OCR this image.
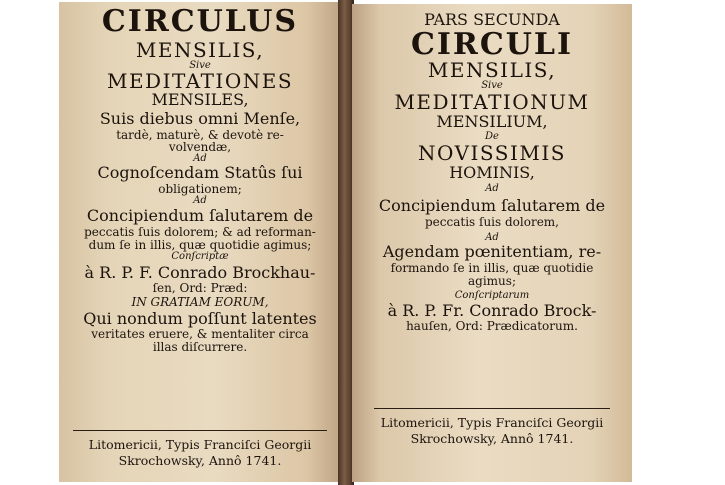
CIRCULUS
MENSILIS,
Sive
MEDITATIONES
MENSILES,
Suis diebus omni Menſe,
tardè, maturè, & devotè re-
volvendæ,
Ad
Cognoſcendam Statûs ſui
obligationem;
Ad
Concipiendum ſalutarem de
peccatis ſuis dolorem; & ad reforman-
dum ſe in illis, quæ quotidie agimus;
Conſcriptæ
à R. P. F. Conrado Brockhau-
ſen, Ord: Præd:
IN GRATIAM EORUM,
Qui nondum poſſunt latentes
veritates eruere, & mentaliter circa
illas diſcurrere.
Litomericii, Typis Franciſci Georgii
Skrochowsky, Annô 1741.
PARS SECUNDA
CIRCULI
MENSILIS,
Sive
MEDITATIONUM
MENSILIUM,
De
NOVISSIMIS
HOMINIS,
Ad
Concipiendum ſalutarem de
peccatis ſuis dolorem,
Ad
Agendam pœnitentiam, re-
formando ſe in illis, quæ quotidie
agimus;
Conſcriptarum
à R. P. Fr. Conrado Brock-
hauſen, Ord: Prædicatorum.
Litomericii, Typis Franciſci Georgii
Skrochowsky, Annô 1741.
